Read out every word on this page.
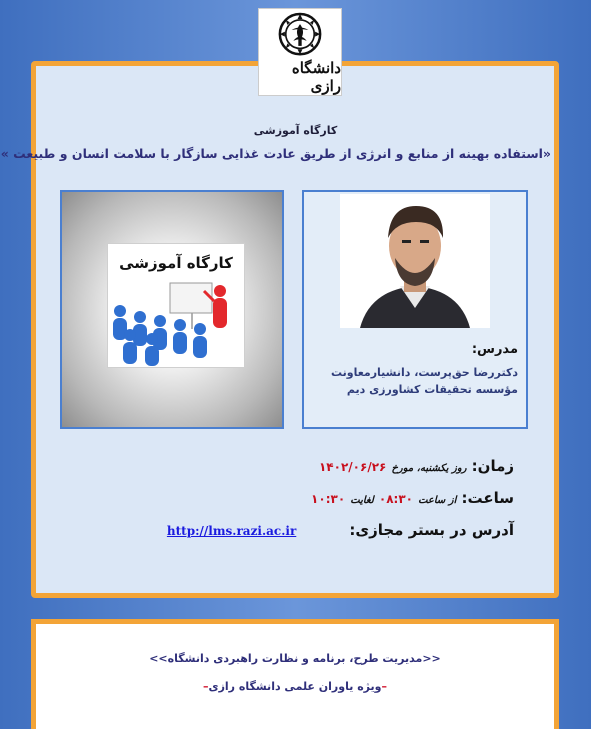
دانشگاه رازی
کارگاه آموزشی
«استفاده بهینه از منابع و انرژی از طریق عادت غذایی سازگار با سلامت انسان و طبیعت »
کارگاه آموزشی
مدرس:
دکتررضا حق‌پرست، دانشیارمعاونت مؤسسه تحقیقات کشاورزی دیم
زمان: روز یکشنبه، مورخ ۱۴۰۲/۰۶/۲۶
ساعت: از ساعت ۰۸:۳۰ لغایت ۱۰:۳۰
آدرس در بستر مجازی: http://lms.razi.ac.ir
<<مدیریت طرح، برنامه و نظارت راهبردی دانشگاه>>
–ویژه یاوران علمی دانشگاه رازی–
